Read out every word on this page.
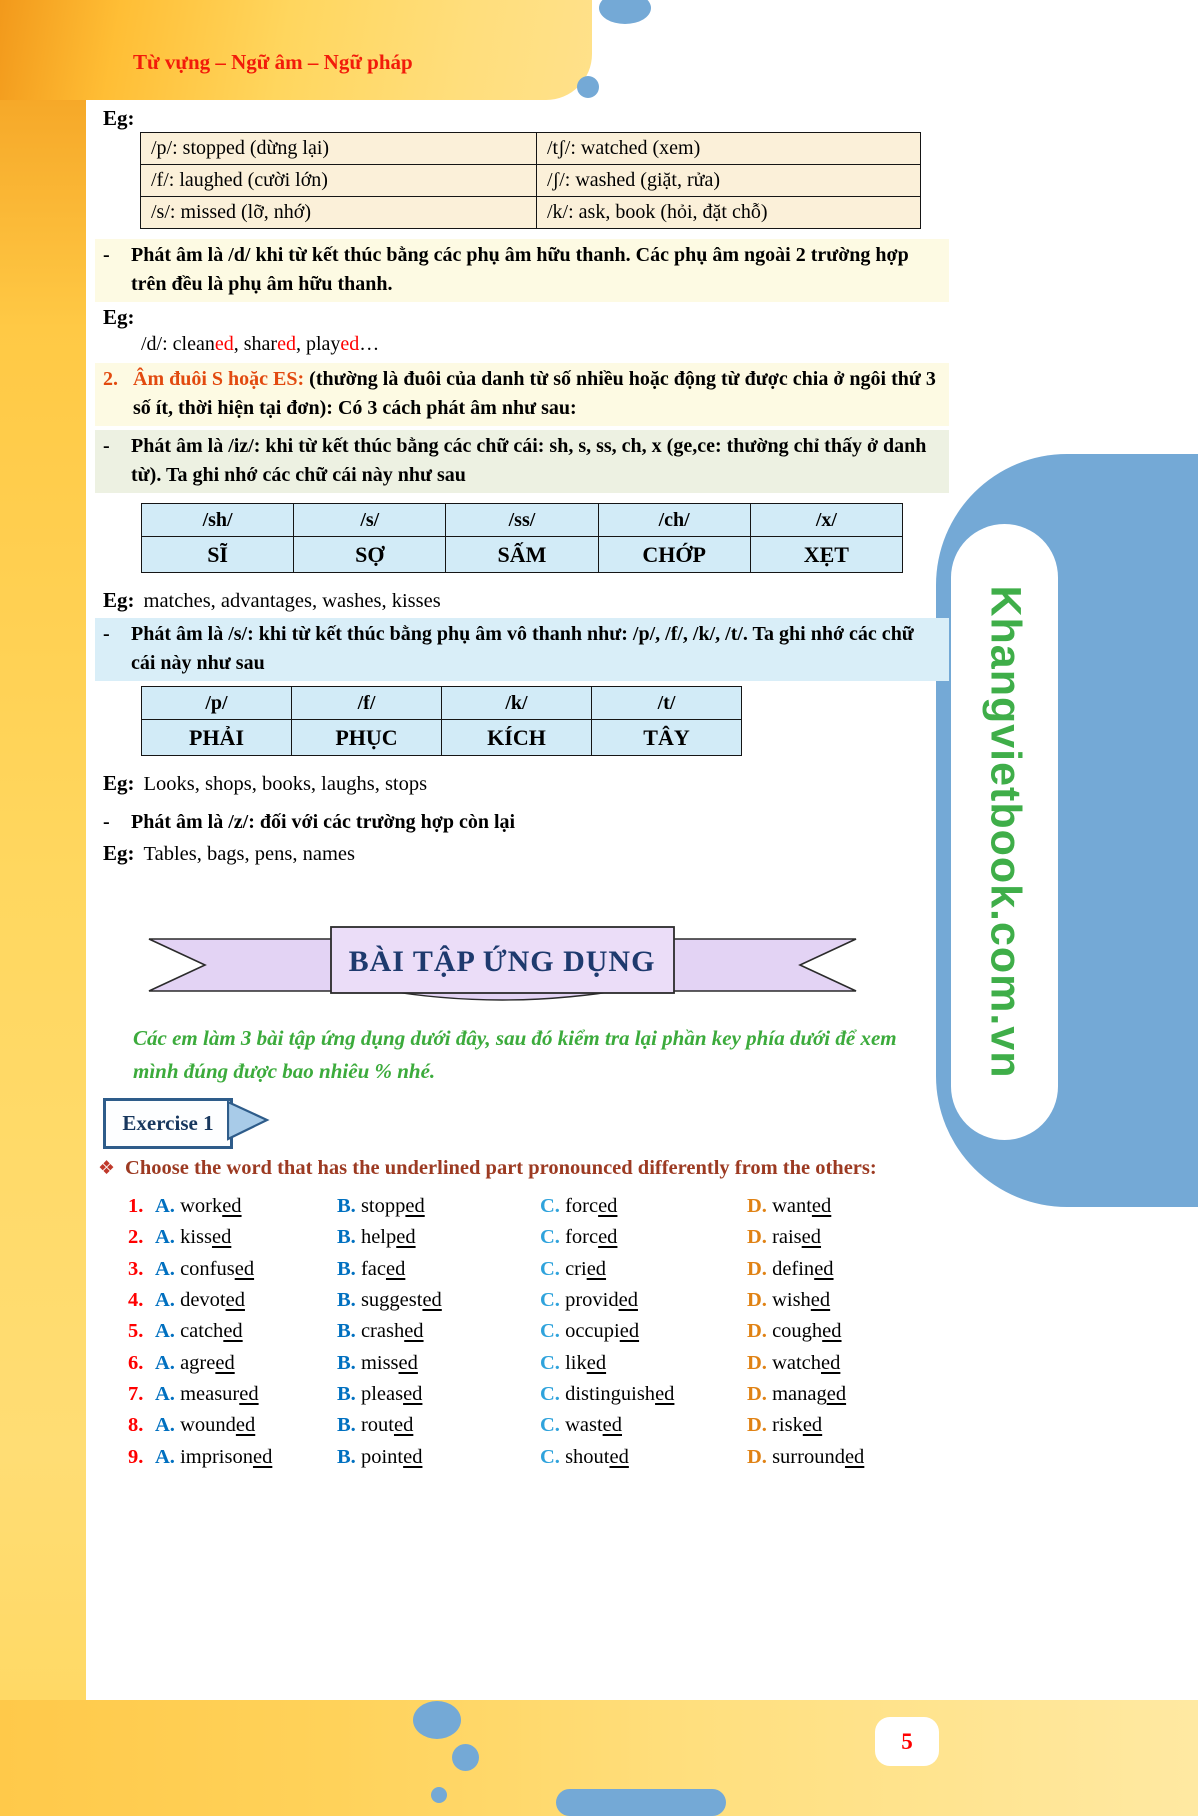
Khangvietbook.com.vn
Từ vựng – Ngữ âm – Ngữ pháp
Eg:
/p/: stopped (dừng lại)	/tʃ/: watched (xem)
/f/: laughed (cười lớn)	/ʃ/: washed (giặt, rửa)
/s/: missed (lỡ, nhớ)	/k/: ask, book (hỏi, đặt chỗ)
-	Phát âm là /d/ khi từ kết thúc bằng các phụ âm hữu thanh. Các phụ âm ngoài 2 trường hợp trên đều là phụ âm hữu thanh.
Eg:
/d/: cleaned, shared, played…
2. Âm đuôi S hoặc ES: (thường là đuôi của danh từ số nhiều hoặc động từ được chia ở ngôi thứ 3 số ít, thời hiện tại đơn): Có 3 cách phát âm như sau:
-	Phát âm là /iz/: khi từ kết thúc bằng các chữ cái: sh, s, ss, ch, x (ge,ce: thường chỉ thấy ở danh từ). Ta ghi nhớ các chữ cái này như sau
/sh/	/s/	/ss/	/ch/	/x/
SĨ	SỢ	SẤM	CHỚP	XẸT
Eg: matches, advantages, washes, kisses
-	Phát âm là /s/: khi từ kết thúc bằng phụ âm vô thanh như: /p/, /f/, /k/, /t/. Ta ghi nhớ các chữ cái này như sau
/p/	/f/	/k/	/t/
PHẢI	PHỤC	KÍCH	TÂY
Eg: Looks, shops, books, laughs, stops
-	Phát âm là /z/: đối với các trường hợp còn lại
Eg: Tables, bags, pens, names
BÀI TẬP ỨNG DỤNG
Các em làm 3 bài tập ứng dụng dưới đây, sau đó kiểm tra lại phần key phía dưới để xem mình đúng được bao nhiêu % nhé.
Exercise 1
❖ Choose the word that has the underlined part pronounced differently from the others:
1. A. worked	B. stopped	C. forced	D. wanted
2. A. kissed	B. helped	C. forced	D. raised
3. A. confused	B. faced	C. cried	D. defined
4. A. devoted	B. suggested	C. provided	D. wished
5. A. catched	B. crashed	C. occupied	D. coughed
6. A. agreed	B. missed	C. liked	D. watched
7. A. measured	B. pleased	C. distinguished	D. managed
8. A. wounded	B. routed	C. wasted	D. risked
9. A. imprisoned	B. pointed	C. shouted	D. surrounded
5
